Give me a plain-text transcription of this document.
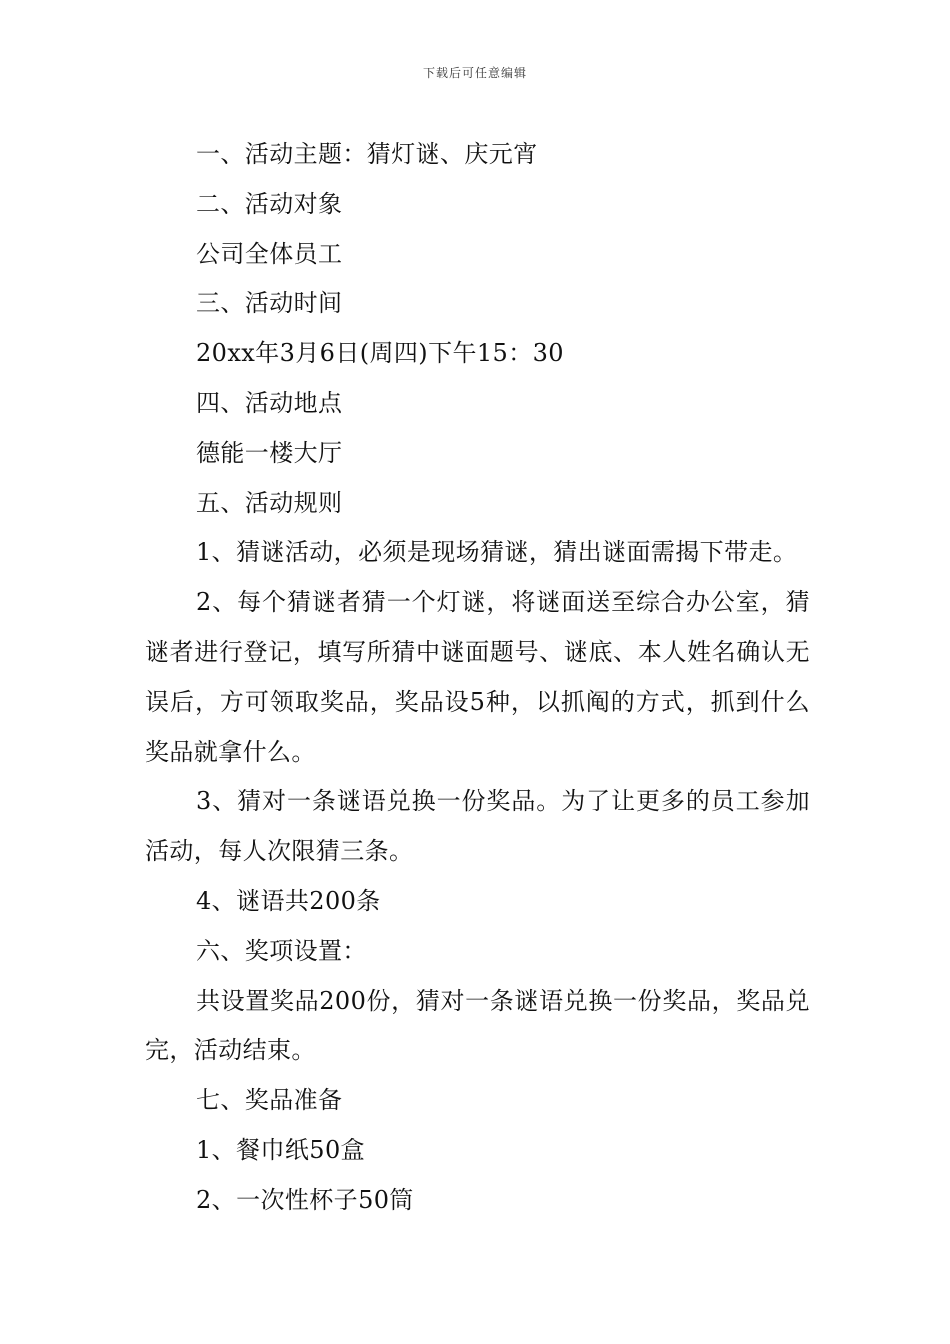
下载后可任意编辑

一、活动主题：猜灯谜、庆元宵

二、活动对象

公司全体员工

三、活动时间

20xx年3月6日(周四)下午15：30

四、活动地点

德能一楼大厅

五、活动规则

1、猜谜活动，必须是现场猜谜，猜出谜面需揭下带走。

2、每个猜谜者猜一个灯谜，将谜面送至综合办公室，猜谜者进行登记，填写所猜中谜面题号、谜底、本人姓名确认无误后，方可领取奖品，奖品设5种，以抓阄的方式，抓到什么奖品就拿什么。

3、猜对一条谜语兑换一份奖品。为了让更多的员工参加活动，每人次限猜三条。

4、谜语共200条

六、奖项设置：

共设置奖品200份，猜对一条谜语兑换一份奖品，奖品兑完，活动结束。

七、奖品准备

1、餐巾纸50盒

2、一次性杯子50筒
